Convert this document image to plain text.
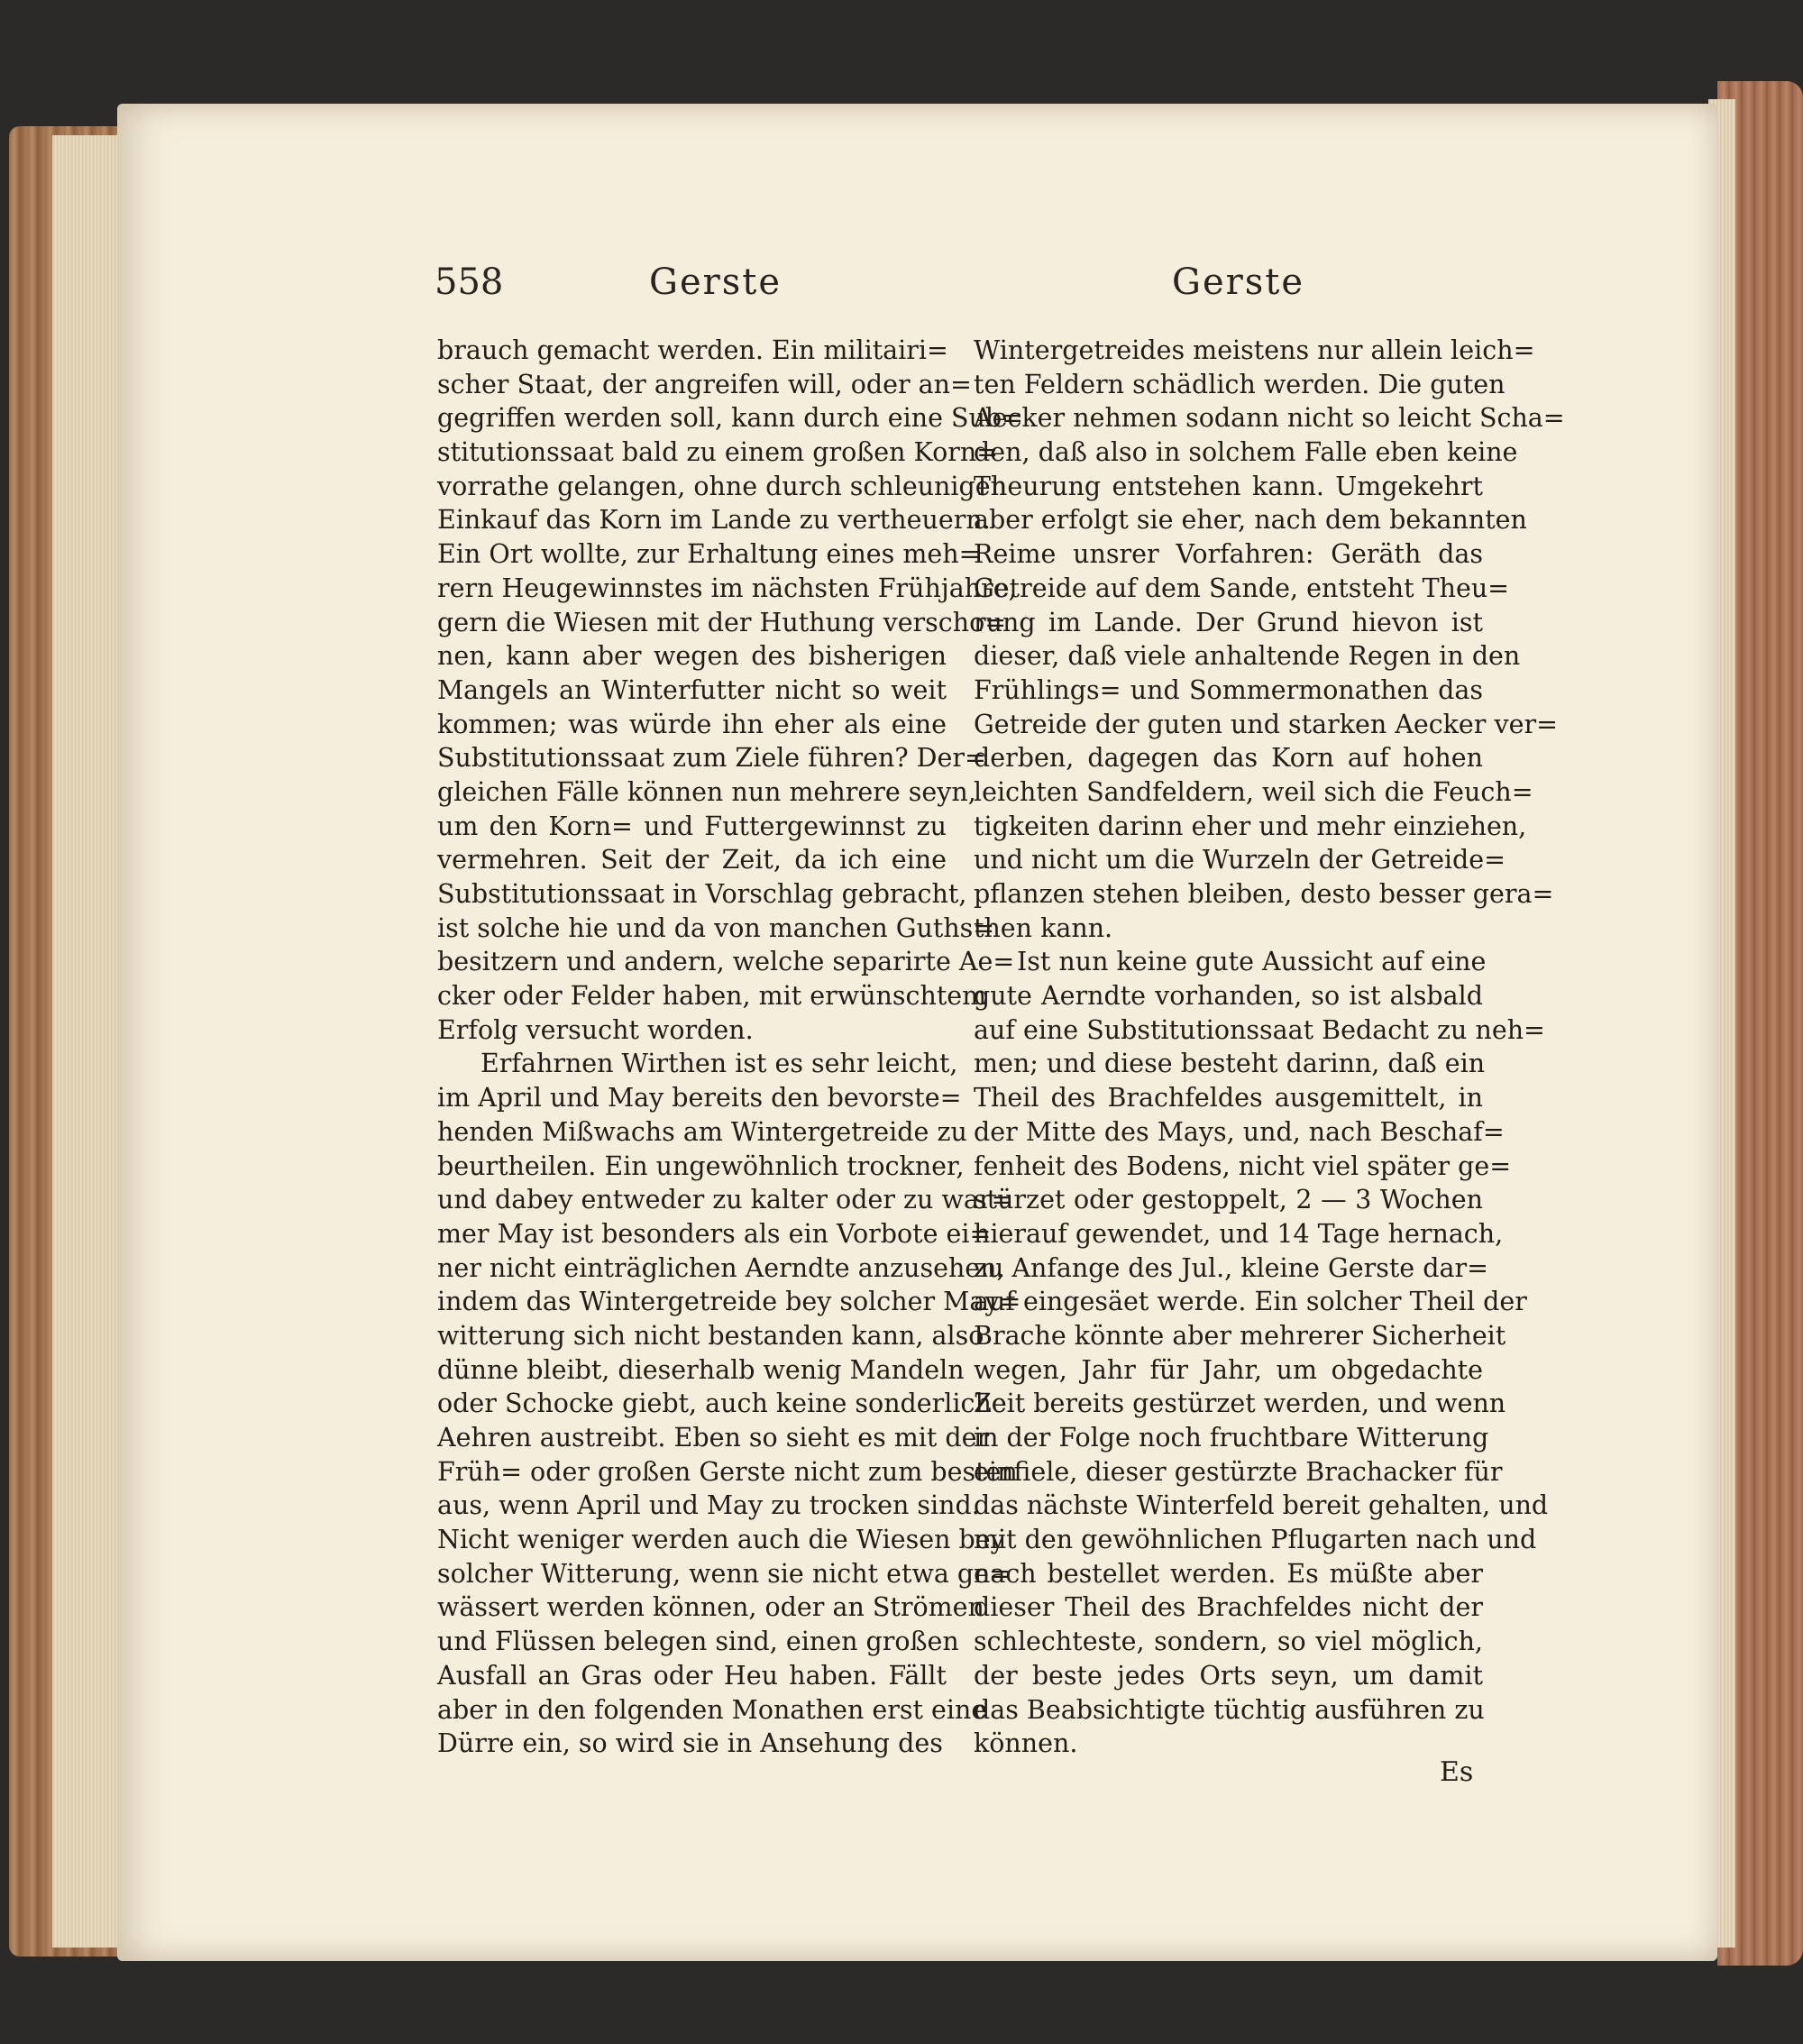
558	Gerste	Gerste
brauch gemacht werden. Ein militairi=
scher Staat, der angreifen will, oder an=
gegriffen werden soll, kann durch eine Sub=
stitutionssaat bald zu einem großen Korn=
vorrathe gelangen, ohne durch schleunigen
Einkauf das Korn im Lande zu vertheuern.
Ein Ort wollte, zur Erhaltung eines meh=
rern Heugewinnstes im nächsten Frühjahre,
gern die Wiesen mit der Huthung verscho=
nen, kann aber wegen des bisherigen
Mangels an Winterfutter nicht so weit
kommen; was würde ihn eher als eine
Substitutionssaat zum Ziele führen? Der=
gleichen Fälle können nun mehrere seyn,
um den Korn= und Futtergewinnst zu
vermehren. Seit der Zeit, da ich eine
Substitutionssaat in Vorschlag gebracht,
ist solche hie und da von manchen Guths=
besitzern und andern, welche separirte Ae=
cker oder Felder haben, mit erwünschtem
Erfolg versucht worden.
Erfahrnen Wirthen ist es sehr leicht,
im April und May bereits den bevorste=
henden Mißwachs am Wintergetreide zu
beurtheilen. Ein ungewöhnlich trockner,
und dabey entweder zu kalter oder zu war=
mer May ist besonders als ein Vorbote ei=
ner nicht einträglichen Aerndte anzusehen,
indem das Wintergetreide bey solcher May=
witterung sich nicht bestanden kann, also
dünne bleibt, dieserhalb wenig Mandeln
oder Schocke giebt, auch keine sonderliche
Aehren austreibt. Eben so sieht es mit der
Früh= oder großen Gerste nicht zum besten
aus, wenn April und May zu trocken sind.
Nicht weniger werden auch die Wiesen bey
solcher Witterung, wenn sie nicht etwa ge=
wässert werden können, oder an Strömen
und Flüssen belegen sind, einen großen
Ausfall an Gras oder Heu haben. Fällt
aber in den folgenden Monathen erst eine
Dürre ein, so wird sie in Ansehung des
Wintergetreides meistens nur allein leich=
ten Feldern schädlich werden. Die guten
Aecker nehmen sodann nicht so leicht Scha=
den, daß also in solchem Falle eben keine
Theurung entstehen kann. Umgekehrt
aber erfolgt sie eher, nach dem bekannten
Reime unsrer Vorfahren: Geräth das
Getreide auf dem Sande, entsteht Theu=
rung im Lande. Der Grund hievon ist
dieser, daß viele anhaltende Regen in den
Frühlings= und Sommermonathen das
Getreide der guten und starken Aecker ver=
derben, dagegen das Korn auf hohen
leichten Sandfeldern, weil sich die Feuch=
tigkeiten darinn eher und mehr einziehen,
und nicht um die Wurzeln der Getreide=
pflanzen stehen bleiben, desto besser gera=
then kann.
Ist nun keine gute Aussicht auf eine
gute Aerndte vorhanden, so ist alsbald
auf eine Substitutionssaat Bedacht zu neh=
men; und diese besteht darinn, daß ein
Theil des Brachfeldes ausgemittelt, in
der Mitte des Mays, und, nach Beschaf=
fenheit des Bodens, nicht viel später ge=
stürzet oder gestoppelt, 2 — 3 Wochen
hierauf gewendet, und 14 Tage hernach,
zu Anfange des Jul., kleine Gerste dar=
auf eingesäet werde. Ein solcher Theil der
Brache könnte aber mehrerer Sicherheit
wegen, Jahr für Jahr, um obgedachte
Zeit bereits gestürzet werden, und wenn
in der Folge noch fruchtbare Witterung
einfiele, dieser gestürzte Brachacker für
das nächste Winterfeld bereit gehalten, und
mit den gewöhnlichen Pflugarten nach und
nach bestellet werden. Es müßte aber
dieser Theil des Brachfeldes nicht der
schlechteste, sondern, so viel möglich,
der beste jedes Orts seyn, um damit
das Beabsichtigte tüchtig ausführen zu
können.
Es
